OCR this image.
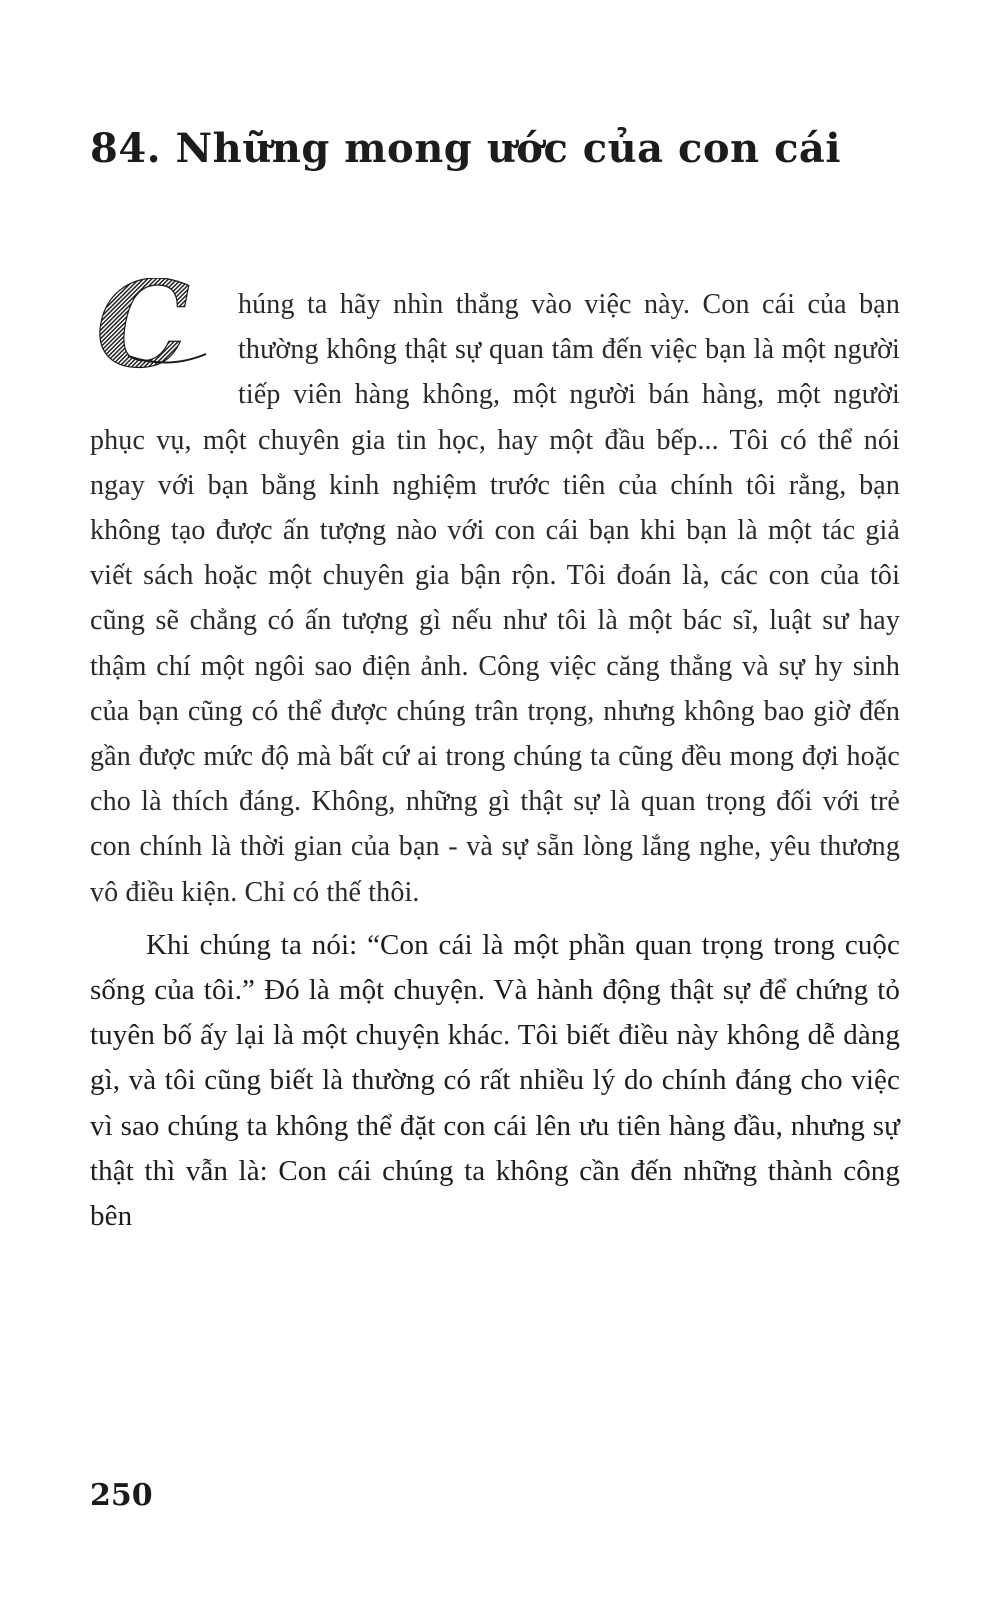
84. Những mong ước của con cái

C húng ta hãy nhìn thẳng vào việc này. Con cái của bạn thường không thật sự quan tâm đến việc bạn là một người tiếp viên hàng không, một người bán hàng, một người phục vụ, một chuyên gia tin học, hay một đầu bếp... Tôi có thể nói ngay với bạn bằng kinh nghiệm trước tiên của chính tôi rằng, bạn không tạo được ấn tượng nào với con cái bạn khi bạn là một tác giả viết sách hoặc một chuyên gia bận rộn. Tôi đoán là, các con của tôi cũng sẽ chẳng có ấn tượng gì nếu như tôi là một bác sĩ, luật sư hay thậm chí một ngôi sao điện ảnh. Công việc căng thẳng và sự hy sinh của bạn cũng có thể được chúng trân trọng, nhưng không bao giờ đến gần được mức độ mà bất cứ ai trong chúng ta cũng đều mong đợi hoặc cho là thích đáng. Không, những gì thật sự là quan trọng đối với trẻ con chính là thời gian của bạn - và sự sẵn lòng lắng nghe, yêu thương vô điều kiện. Chỉ có thế thôi.

Khi chúng ta nói: “Con cái là một phần quan trọng trong cuộc sống của tôi.” Đó là một chuyện. Và hành động thật sự để chứng tỏ tuyên bố ấy lại là một chuyện khác. Tôi biết điều này không dễ dàng gì, và tôi cũng biết là thường có rất nhiều lý do chính đáng cho việc vì sao chúng ta không thể đặt con cái lên ưu tiên hàng đầu, nhưng sự thật thì vẫn là: Con cái chúng ta không cần đến những thành công bên

250
